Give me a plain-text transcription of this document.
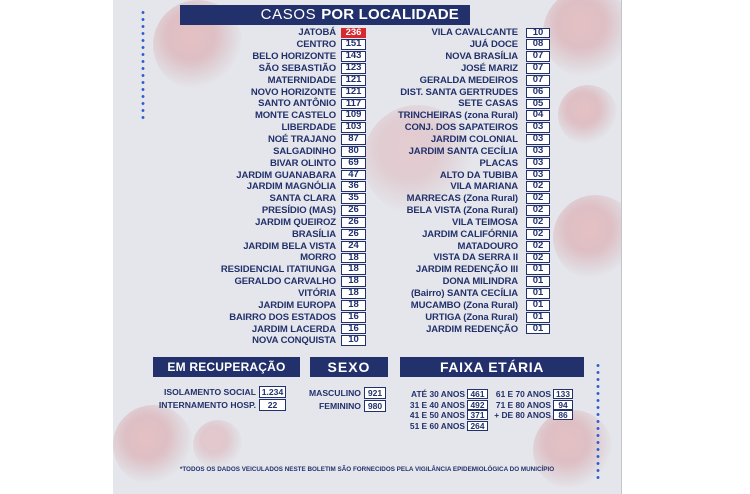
CASOS POR LOCALIDADE
JATOBÁ	236
CENTRO	151
BELO HORIZONTE	143
SÃO SEBASTIÃO	123
MATERNIDADE	121
NOVO HORIZONTE	121
SANTO ANTÔNIO	117
MONTE CASTELO	109
LIBERDADE	103
NOÉ TRAJANO	87
SALGADINHO	80
BIVAR OLINTO	69
JARDIM GUANABARA	47
JARDIM MAGNÓLIA	36
SANTA CLARA	35
PRESÍDIO (MAS)	26
JARDIM QUEIROZ	26
BRASÍLIA	26
JARDIM BELA VISTA	24
MORRO	18
RESIDENCIAL ITATIUNGA	18
GERALDO CARVALHO	18
VITÓRIA	18
JARDIM EUROPA	18
BAIRRO DOS ESTADOS	16
JARDIM LACERDA	16
NOVA CONQUISTA	10
VILA CAVALCANTE	10
JUÁ DOCE	08
NOVA BRASÍLIA	07
JOSÉ MARIZ	07
GERALDA MEDEIROS	07
DIST. SANTA GERTRUDES	06
SETE CASAS	05
TRINCHEIRAS (zona Rural)	04
CONJ. DOS SAPATEIROS	03
JARDIM COLONIAL	03
JARDIM SANTA CECÍLIA	03
PLACAS	03
ALTO DA TUBIBA	03
VILA MARIANA	02
MARRECAS (Zona Rural)	02
BELA VISTA (Zona Rural)	02
VILA TEIMOSA	02
JARDIM CALIFÓRNIA	02
MATADOURO	02
VISTA DA SERRA II	02
JARDIM REDENÇÃO III	01
DONA MILINDRA	01
(Bairro) SANTA CECÍLIA	01
MUCAMBO (Zona Rural)	01
URTIGA (Zona Rural)	01
JARDIM REDENÇÃO	01
EM RECUPERAÇÃO	SEXO	FAIXA ETÁRIA
ISOLAMENTO SOCIAL 1.234
INTERNAMENTO HOSP.	22
MASCULINO 921
FEMININO 980
ATÉ 30 ANOS 461
31 E 40 ANOS 492
41 E 50 ANOS 371
51 E 60 ANOS 264
61 E 70 ANOS 133
71 E 80 ANOS 94
+ DE 80 ANOS 86
*TODOS OS DADOS VEICULADOS NESTE BOLETIM SÃO FORNECIDOS PELA VIGILÂNCIA EPIDEMIOLÓGICA DO MUNICÍPIO
